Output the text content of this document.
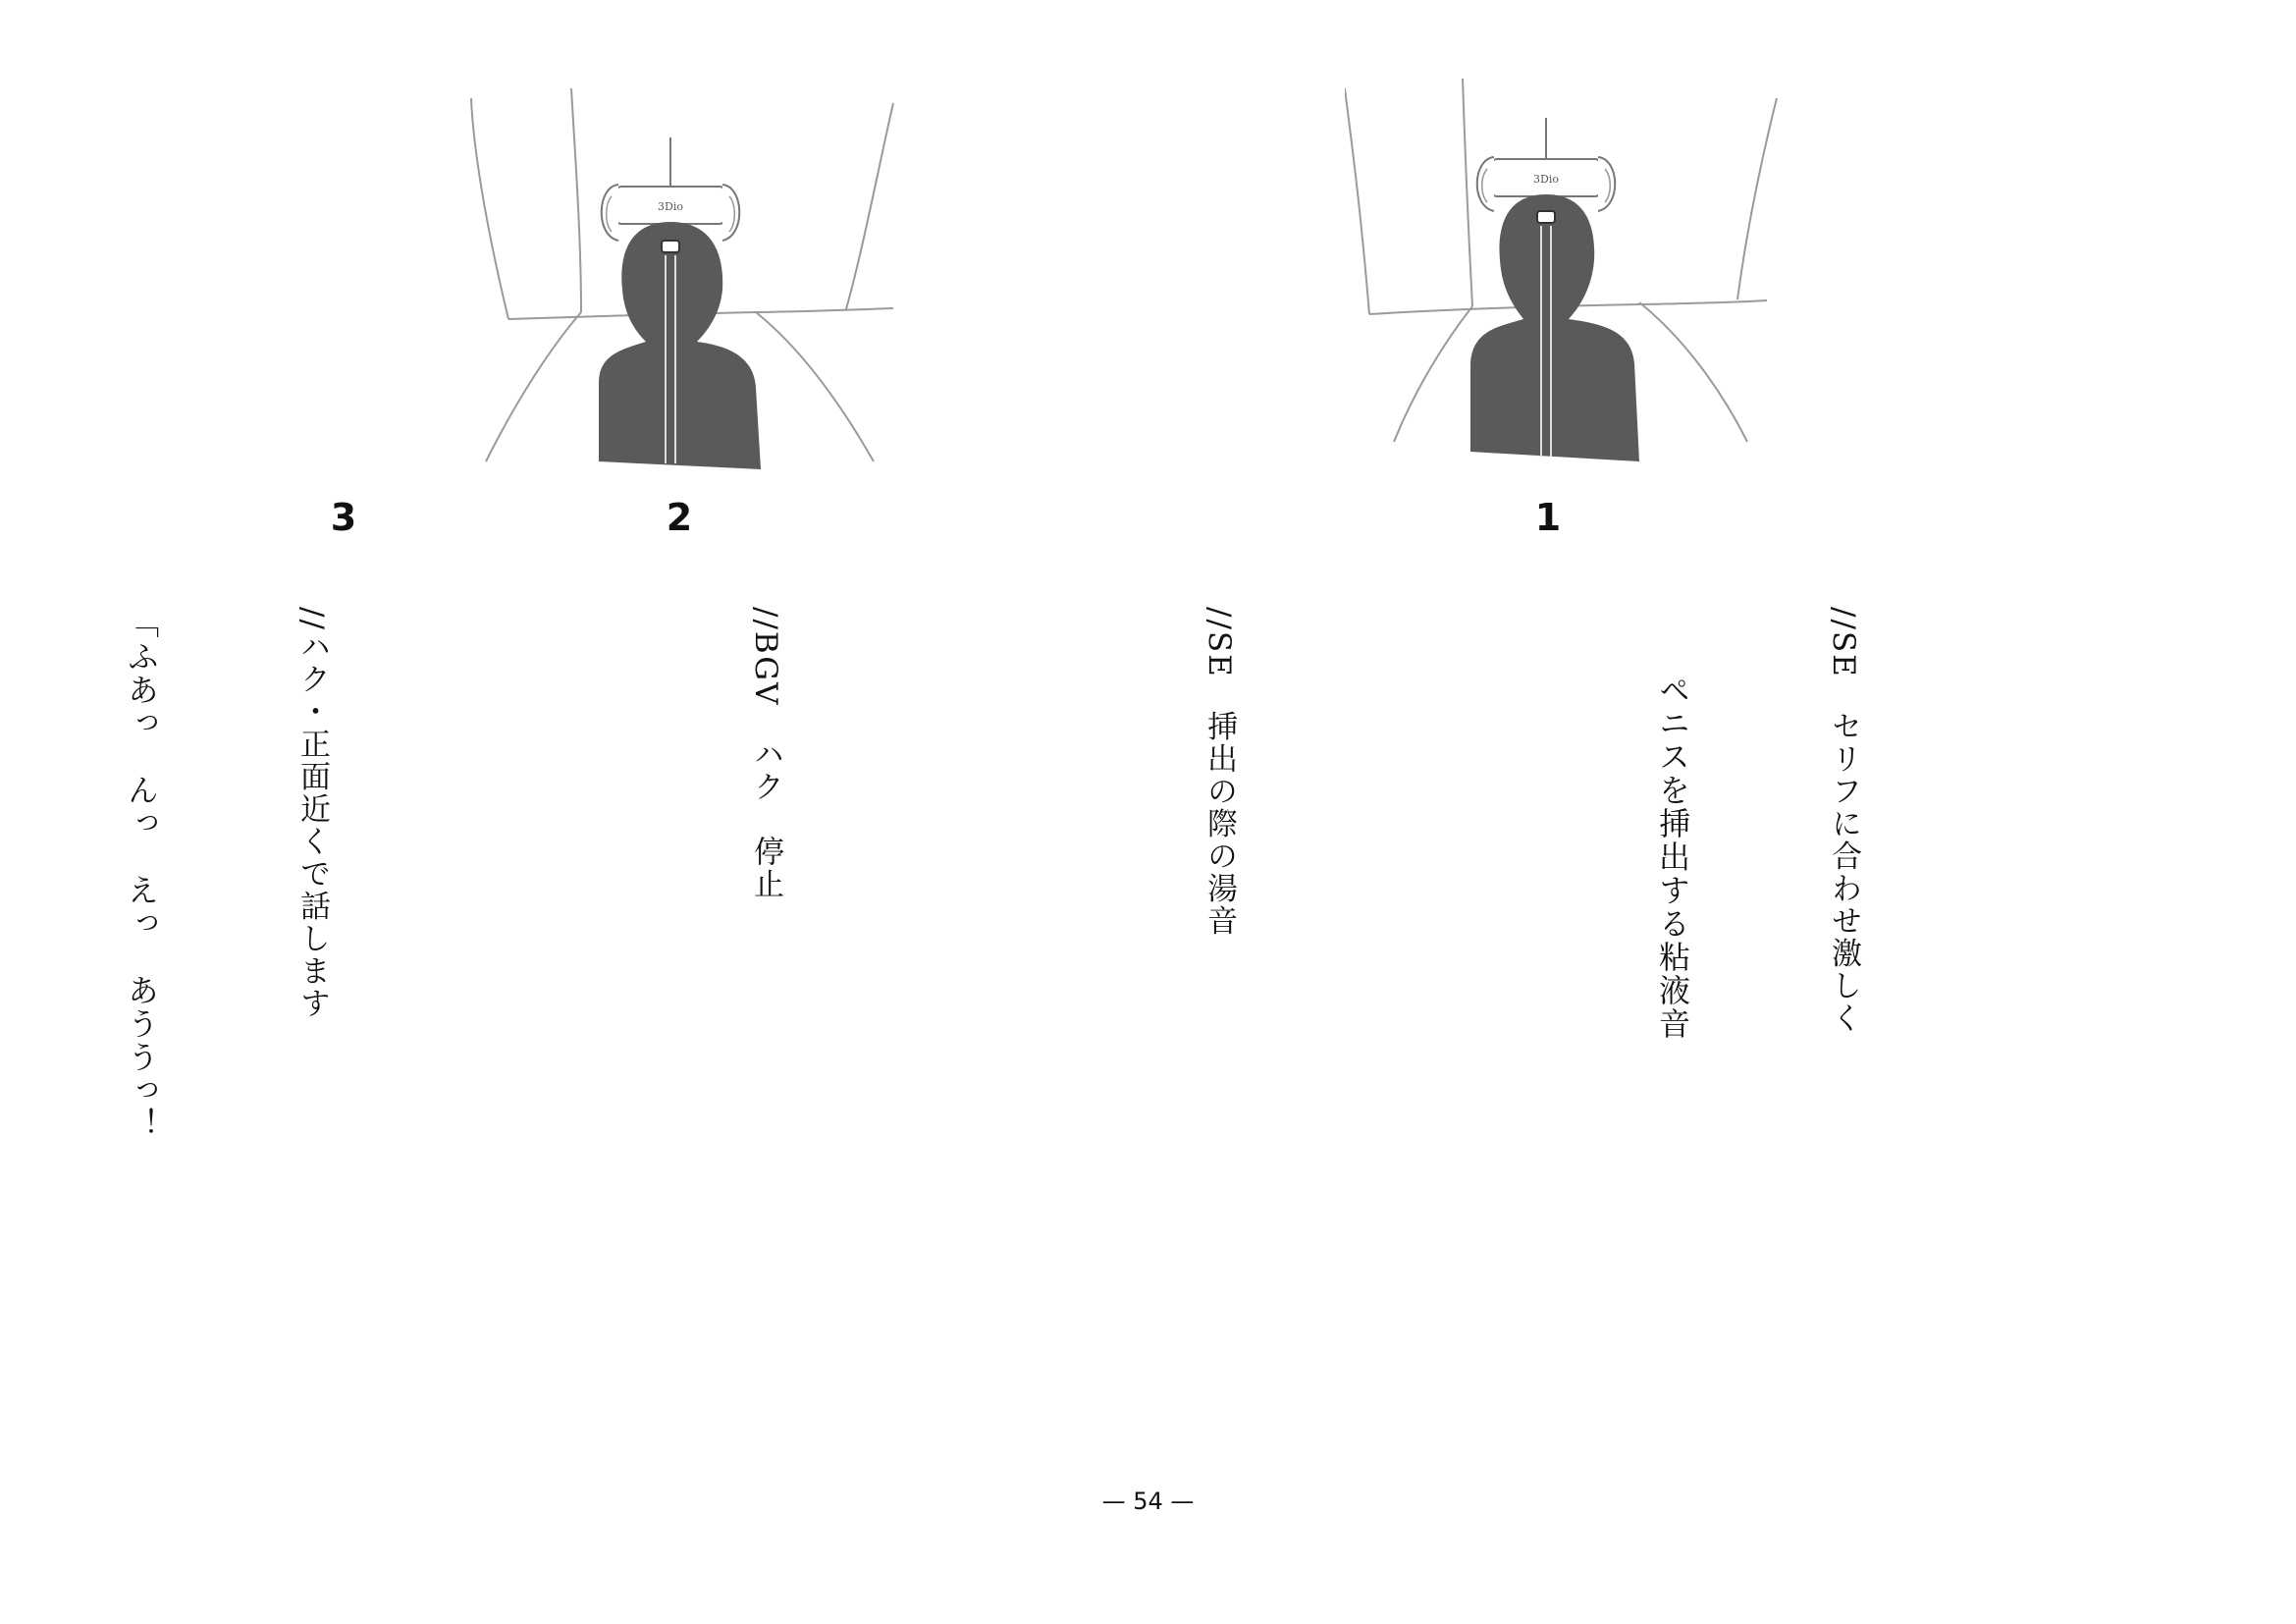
3Dio
3Dio
1
2
3

//SE　セリフに合わせ激しく

　　ペニスを挿出する粘液音

//SE　挿出の際の湯音

//BGV　ハク　停止

//ハク・正面近くで話します

「ふあっ　んっ　えっ　あううっ！

— 54 —
